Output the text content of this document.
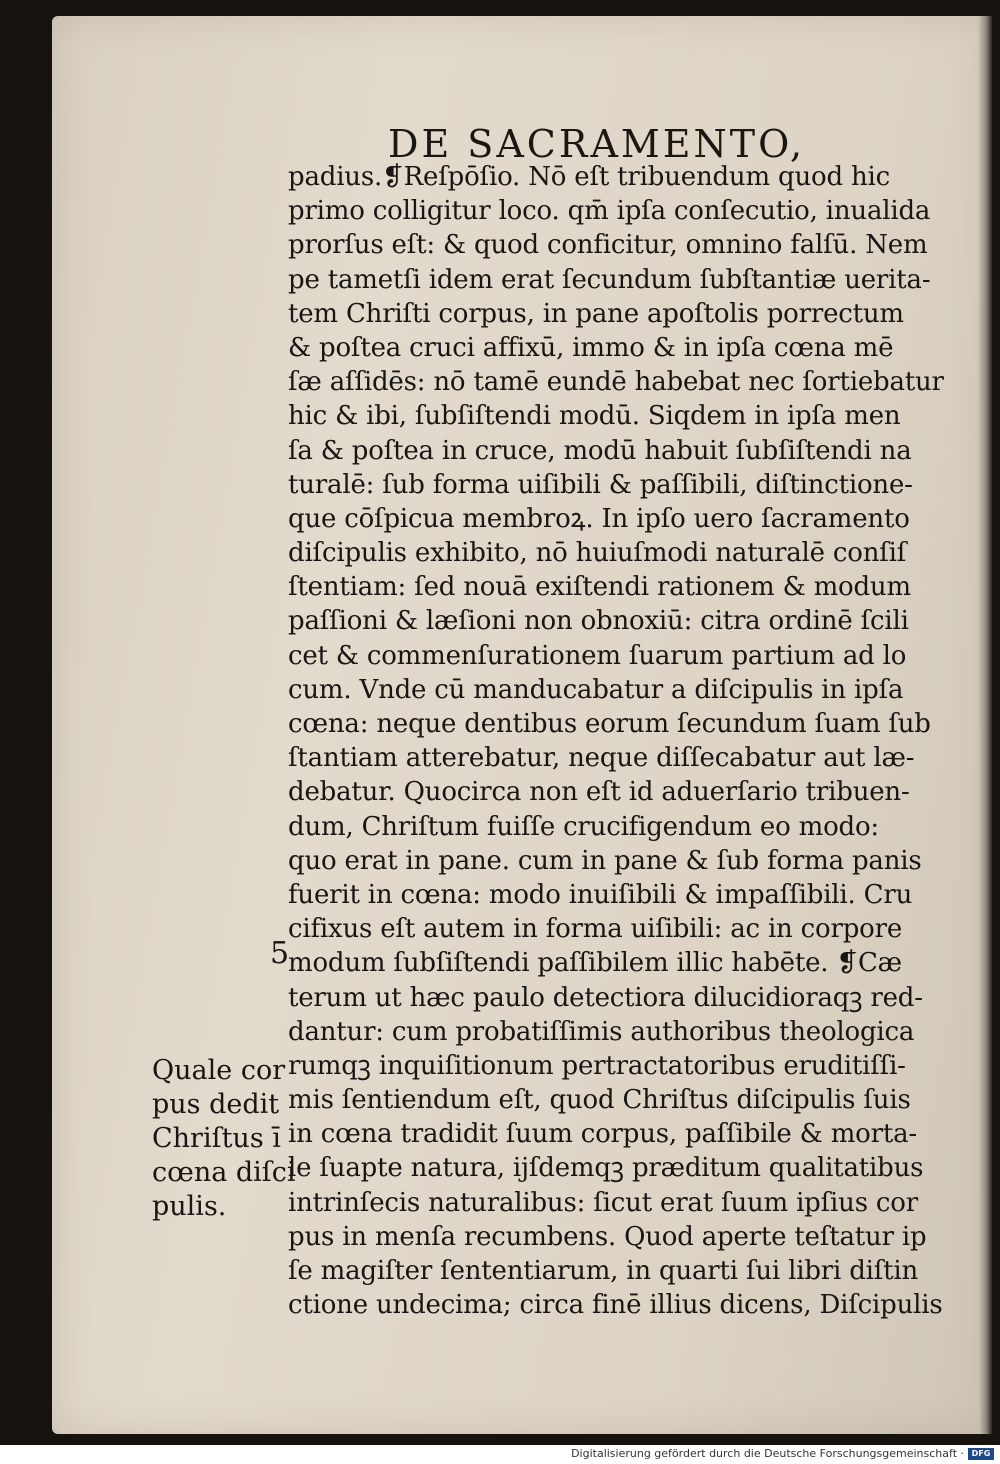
DE SACRAMENTO,
padius.❡Reſpōſio. Nō eſt tribuendum quod hic
primo colligitur loco. qm̄ ipſa conſecutio, inualida
prorſus eſt: & quod conficitur, omnino falſū. Nem
pe tametſi idem erat ſecundum ſubſtantiæ uerita-
tem Chriſti corpus, in pane apoſtolis porrectum
& poſtea cruci affixū, immo & in ipſa cœna mē
ſæ aſſidēs: nō tamē eundē habebat nec ſortiebatur
hic & ibi, ſubſiſtendi modū. Siqdem in ipſa men
ſa & poſtea in cruce, modū habuit ſubſiſtendi na
turalē: ſub forma uiſibili & paſſibili, diſtinctione-
que cōſpicua membroꝝ. In ipſo uero ſacramento
diſcipulis exhibito, nō huiuſmodi naturalē conſiſ
ſtentiam: ſed nouā exiſtendi rationem & modum
paſſioni & læſioni non obnoxiū: citra ordinē ſcili
cet & commenſurationem ſuarum partium ad lo
cum. Vnde cū manducabatur a diſcipulis in ipſa
cœna: neque dentibus eorum ſecundum ſuam ſub
ſtantiam atterebatur, neque diſſecabatur aut læ-
debatur. Quocirca non eſt id aduerſario tribuen-
dum, Chriſtum fuiſſe crucifigendum eo modo:
quo erat in pane. cum in pane & ſub forma panis
fuerit in cœna: modo inuiſibili & impaſſibili. Cru
cifixus eſt autem in forma uiſibili: ac in corpore
modum ſubſiſtendi paſſibilem illic habēte. ❡Cæ
terum ut hæc paulo detectiora dilucidioraqꝫ red-
dantur: cum probatiſſimis authoribus theologica
rumqꝫ inquiſitionum pertractatoribus eruditiſſi-
mis ſentiendum eſt, quod Chriſtus diſcipulis ſuis
in cœna tradidit ſuum corpus, paſſibile & morta-
le ſuapte natura, ijſdemqꝫ præditum qualitatibus
intrinſecis naturalibus: ſicut erat ſuum ipſius cor
pus in menſa recumbens. Quod aperte teſtatur ip
ſe magiſter ſententiarum, in quarti ſui libri diſtin
ctione undecima; circa finē illius dicens, Diſcipulis
5
Quale cor
pus dedit
Chriſtus ī
cœna diſci
pulis.
Digitalisierung gefördert durch die Deutsche Forschungsgemeinschaft · DFG
